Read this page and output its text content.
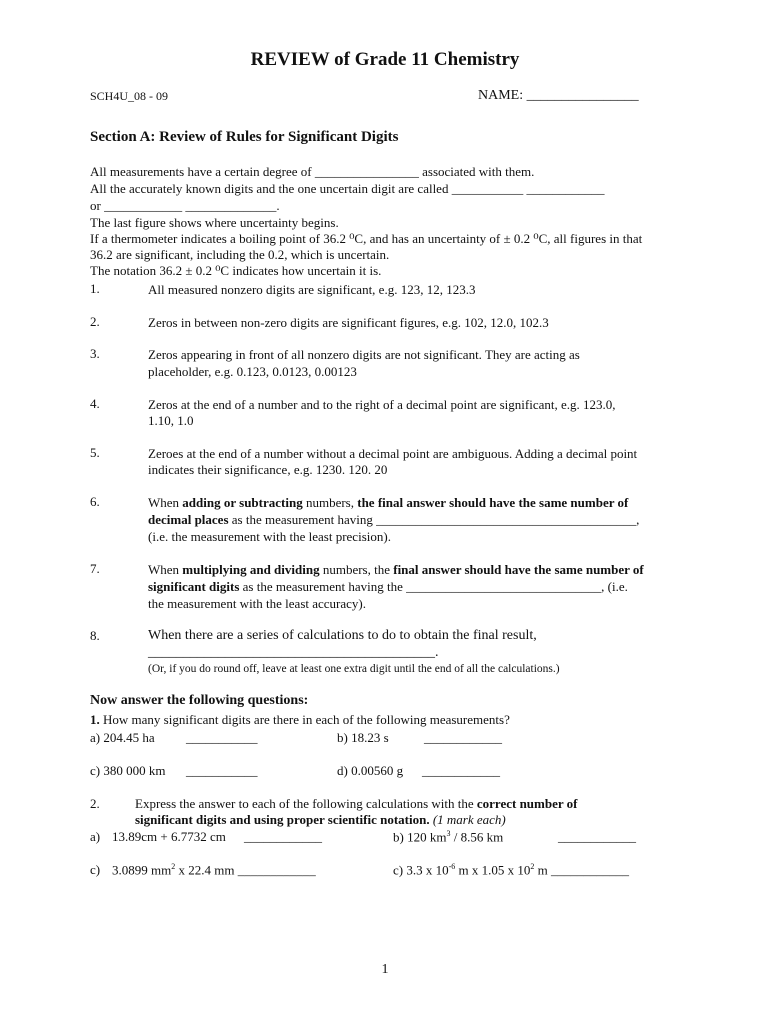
REVIEW of Grade 11 Chemistry
SCH4U_08 - 09	NAME: ________________
Section A: Review of Rules for Significant Digits
All measurements have a certain degree of ________________ associated with them.
All the accurately known digits and the one uncertain digit are called ___________ ____________
or ____________ ______________.
The last figure shows where uncertainty begins.
If a thermometer indicates a boiling point of 36.2 ⁰C, and has an uncertainty of ± 0.2 ⁰C, all figures in that
36.2 are significant, including the 0.2, which is uncertain.
The notation 36.2 ± 0.2 ⁰C indicates how uncertain it is.
1.	All measured nonzero digits are significant, e.g. 123, 12, 123.3
2.	Zeros in between non-zero digits are significant figures, e.g. 102, 12.0, 102.3
3.	Zeros appearing in front of all nonzero digits are not significant. They are acting as
placeholder, e.g. 0.123, 0.0123, 0.00123
4.	Zeros at the end of a number and to the right of a decimal point are significant, e.g. 123.0,
1.10, 1.0
5.	Zeroes at the end of a number without a decimal point are ambiguous. Adding a decimal point
indicates their significance, e.g. 1230. 120. 20
6.	When adding or subtracting numbers, the final answer should have the same number of
decimal places as the measurement having ________________________________________,
(i.e. the measurement with the least precision).
7.	When multiplying and dividing numbers, the final answer should have the same number of
significant digits as the measurement having the ______________________________, (i.e.
the measurement with the least accuracy).
8.	When there are a series of calculations to do to obtain the final result,
_________________________________________.
(Or, if you do round off, leave at least one extra digit until the end of all the calculations.)
Now answer the following questions:
1. How many significant digits are there in each of the following measurements?
a) 204.45 ha ___________	b) 18.23 s	____________
c) 380 000 km ___________	d) 0.00560 g ____________
2.	Express the answer to each of the following calculations with the correct number of
significant digits and using proper scientific notation. (1 mark each)
a) 13.89cm + 6.7732 cm ____________	b) 120 $km^3 / 8.56$ km	____________
c) 3.0899 $mm^2$ x 22.4 mm ____________	c) 3.3 x $10^{-6}$ m x 1.05 x $10^2$ m ____________
1
